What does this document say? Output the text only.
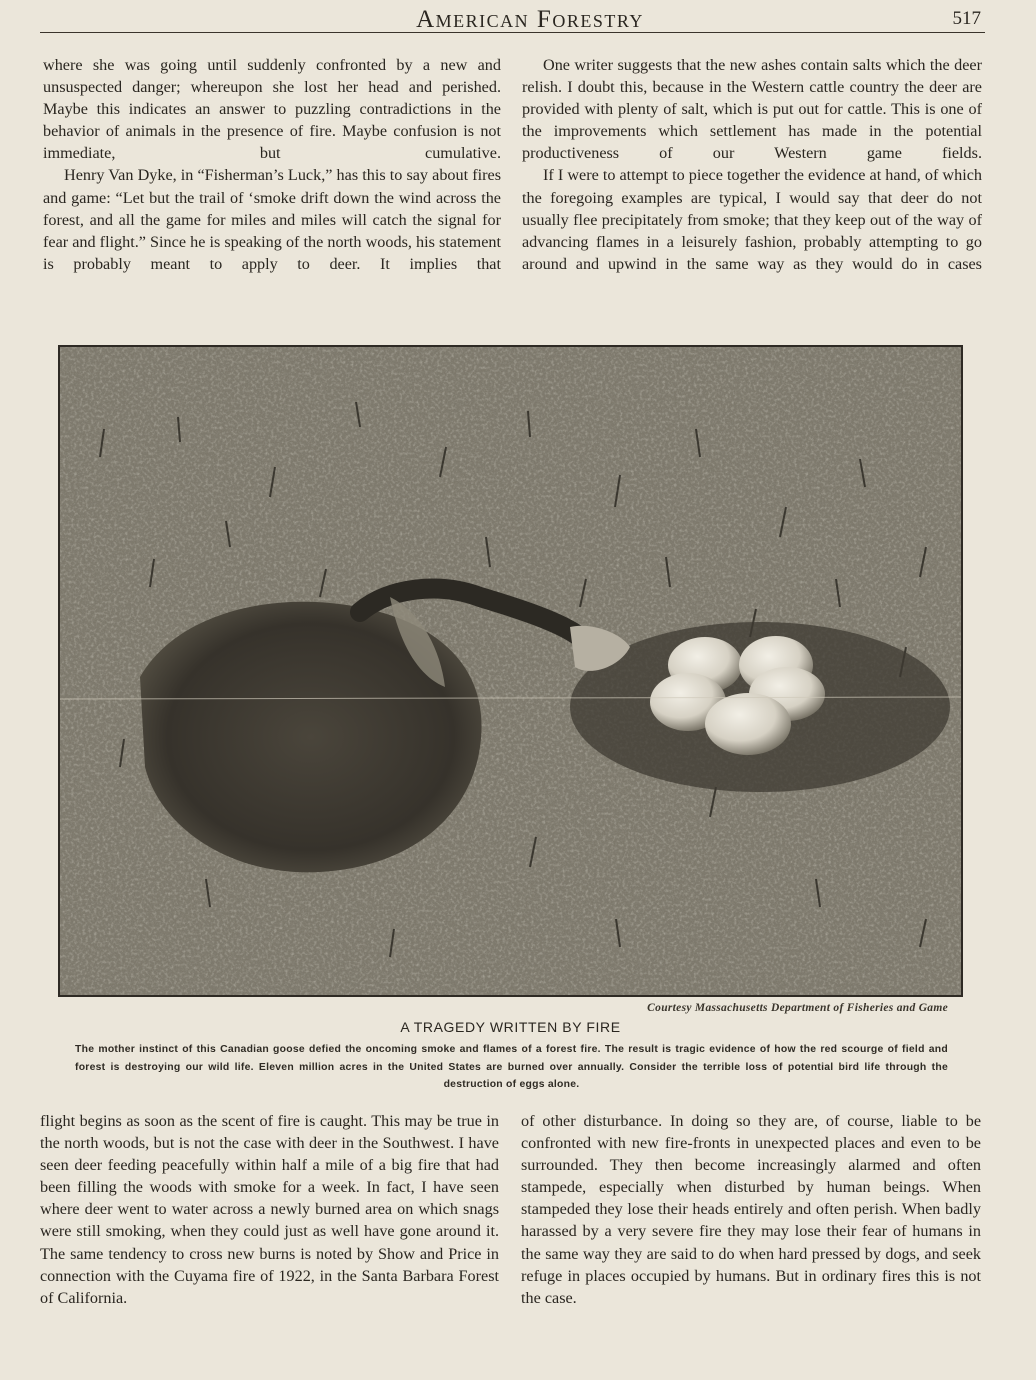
American Forestry	517

where she was going until suddenly confronted by a new and unsuspected danger; whereupon she lost her head and perished. Maybe this indicates an answer to puzzling contradictions in the behavior of animals in the presence of fire. Maybe confusion is not immediate, but cumulative.

Henry Van Dyke, in “Fisherman’s Luck,” has this to say about fires and game: “Let but the trail of ‘smoke drift down the wind across the forest, and all the game for miles and miles will catch the signal for fear and flight.” Since he is speaking of the north woods, his statement is probably meant to apply to deer. It implies that

One writer suggests that the new ashes contain salts which the deer relish. I doubt this, because in the Western cattle country the deer are provided with plenty of salt, which is put out for cattle. This is one of the improvements which settlement has made in the potential productiveness of our Western game fields.

If I were to attempt to piece together the evidence at hand, of which the foregoing examples are typical, I would say that deer do not usually flee precipitately from smoke; that they keep out of the way of advancing flames in a leisurely fashion, probably attempting to go around and upwind in the same way as they would do in cases

Courtesy Massachusetts Department of Fisheries and Game
A TRAGEDY WRITTEN BY FIRE
The mother instinct of this Canadian goose defied the oncoming smoke and flames of a forest fire. The result is tragic evidence of how the red scourge of field and forest is destroying our wild life. Eleven million acres in the United States are burned over annually. Consider the terrible loss of potential bird life through the destruction of eggs alone.

flight begins as soon as the scent of fire is caught. This may be true in the north woods, but is not the case with deer in the Southwest. I have seen deer feeding peacefully within half a mile of a big fire that had been filling the woods with smoke for a week. In fact, I have seen where deer went to water across a newly burned area on which snags were still smoking, when they could just as well have gone around it. The same tendency to cross new burns is noted by Show and Price in connection with the Cuyama fire of 1922, in the Santa Barbara Forest of California.

of other disturbance. In doing so they are, of course, liable to be confronted with new fire-fronts in unexpected places and even to be surrounded. They then become increasingly alarmed and often stampede, especially when disturbed by human beings. When stampeded they lose their heads entirely and often perish. When badly harassed by a very severe fire they may lose their fear of humans in the same way they are said to do when hard pressed by dogs, and seek refuge in places occupied by humans. But in ordinary fires this is not the case.
